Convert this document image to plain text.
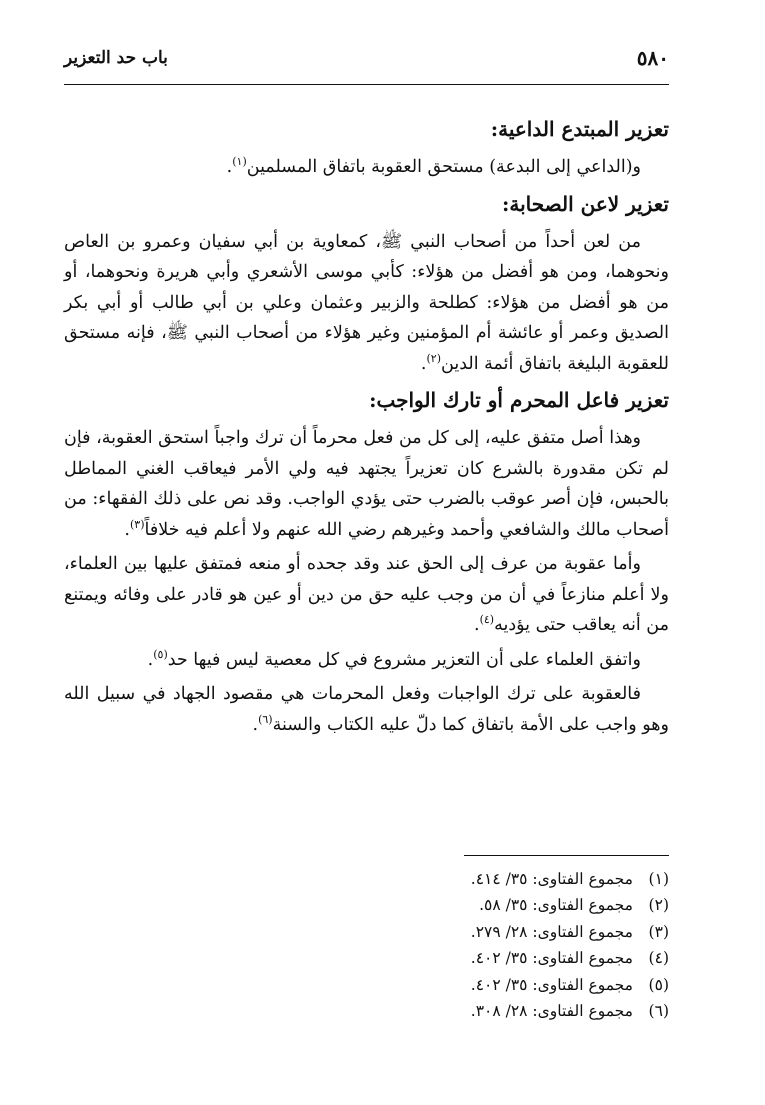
٥٨٠
باب حد التعزير
تعزير المبتدع الداعية:

و(الداعي إلى البدعة) مستحق العقوبة باتفاق المسلمين$^{(١)}$.

تعزير لاعن الصحابة:

من لعن أحداً من أصحاب النبي ﷺ، كمعاوية بن أبي سفيان وعمرو بن العاص ونحوهما، ومن هو أفضل من هؤلاء: كأبي موسى الأشعري وأبي هريرة ونحوهما، أو من هو أفضل من هؤلاء: كطلحة والزبير وعثمان وعلي بن أبي طالب أو أبي بكر الصديق وعمر أو عائشة أم المؤمنين وغير هؤلاء من أصحاب النبي ﷺ، فإنه مستحق للعقوبة البليغة باتفاق أئمة الدين$^{(٢)}$.

تعزير فاعل المحرم أو تارك الواجب:

وهذا أصل متفق عليه، إلى كل من فعل محرماً أن ترك واجباً استحق العقوبة، فإن لم تكن مقدورة بالشرع كان تعزيراً يجتهد فيه ولي الأمر فيعاقب الغني المماطل بالحبس، فإن أصر عوقب بالضرب حتى يؤدي الواجب. وقد نص على ذلك الفقهاء: من أصحاب مالك والشافعي وأحمد وغيرهم رضي الله عنهم ولا أعلم فيه خلافاً$^{(٣)}$.

وأما عقوبة من عرف إلى الحق عند وقد جحده أو منعه فمتفق عليها بين العلماء، ولا أعلم منازعاً في أن من وجب عليه حق من دين أو عين هو قادر على وفائه ويمتنع من أنه يعاقب حتى يؤديه$^{(٤)}$.

واتفق العلماء على أن التعزير مشروع في كل معصية ليس فيها حد$^{(٥)}$.

فالعقوبة على ترك الواجبات وفعل المحرمات هي مقصود الجهاد في سبيل الله وهو واجب على الأمة باتفاق كما دلّ عليه الكتاب والسنة$^{(٦)}$.

(١)
مجموع الفتاوى: ٣٥/ ٤١٤.
(٢)
مجموع الفتاوى: ٣٥/ ٥٨.
(٣)
مجموع الفتاوى: ٢٨/ ٢٧٩.
(٤)
مجموع الفتاوى: ٣٥/ ٤٠٢.
(٥)
مجموع الفتاوى: ٣٥/ ٤٠٢.
(٦)
مجموع الفتاوى: ٢٨/ ٣٠٨.
